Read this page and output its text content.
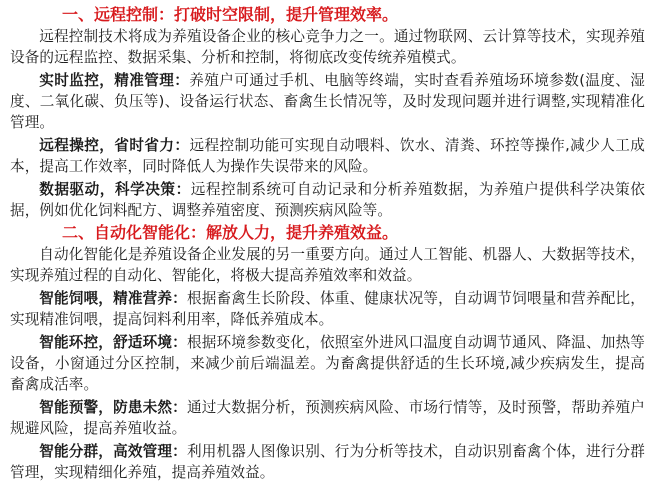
一、远程控制：打破时空限制，提升管理效率。

远程控制技术将成为养殖设备企业的核心竞争力之一。通过物联网、云计算等技术，实现养殖设备的远程监控、数据采集、分析和控制，将彻底改变传统养殖模式。

实时监控，精准管理：养殖户可通过手机、电脑等终端，实时查看养殖场环境参数(温度、湿度、二氧化碳、负压等)、设备运行状态、畜禽生长情况等，及时发现问题并进行调整,实现精准化管理。

远程操控，省时省力：远程控制功能可实现自动喂料、饮水、清粪、环控等操作,减少人工成本，提高工作效率，同时降低人为操作失误带来的风险。

数据驱动，科学决策：远程控制系统可自动记录和分析养殖数据，为养殖户提供科学决策依据，例如优化饲料配方、调整养殖密度、预测疾病风险等。

二、自动化智能化：解放人力，提升养殖效益。

自动化智能化是养殖设备企业发展的另一重要方向。通过人工智能、机器人、大数据等技术，实现养殖过程的自动化、智能化，将极大提高养殖效率和效益。

智能饲喂，精准营养：根据畜禽生长阶段、体重、健康状况等，自动调节饲喂量和营养配比，实现精准饲喂，提高饲料利用率，降低养殖成本。

智能环控，舒适环境：根据环境参数变化，依照室外进风口温度自动调节通风、降温、加热等设备，小窗通过分区控制，来减少前后端温差。为畜禽提供舒适的生长环境,减少疾病发生，提高畜禽成活率。

智能预警，防患未然：通过大数据分析，预测疾病风险、市场行情等，及时预警，帮助养殖户规避风险，提高养殖收益。

智能分群，高效管理：利用机器人图像识别、行为分析等技术，自动识别畜禽个体，进行分群管理，实现精细化养殖，提高养殖效益。
